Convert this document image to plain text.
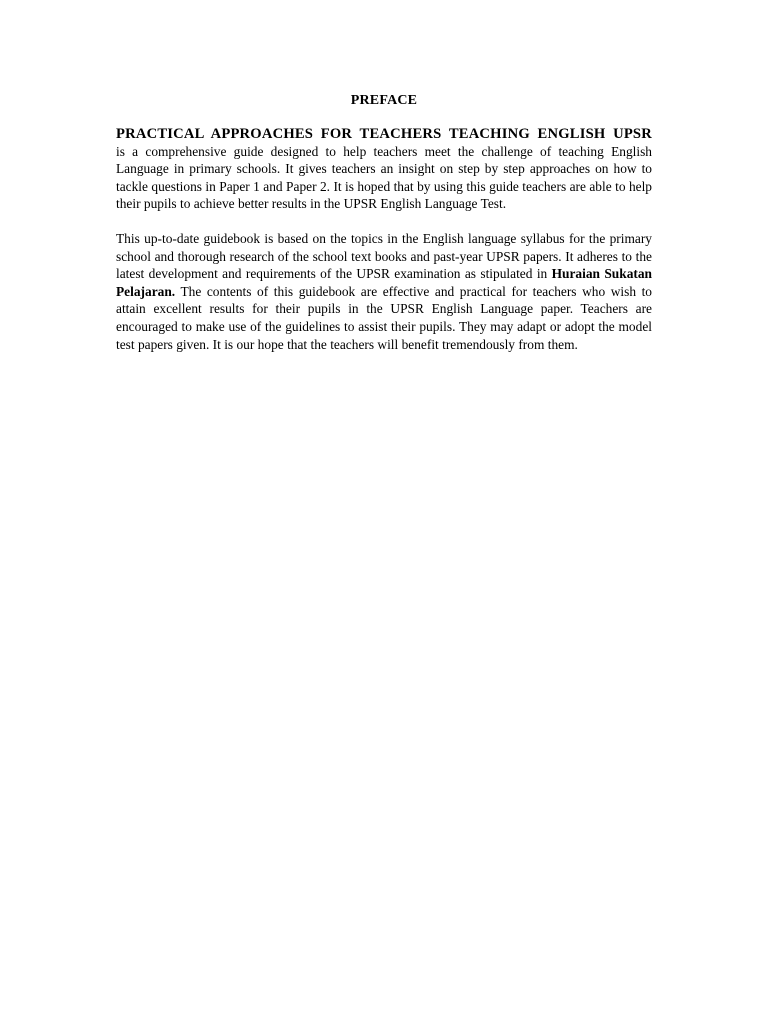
PREFACE

PRACTICAL APPROACHES FOR TEACHERS TEACHING ENGLISH UPSR

is a comprehensive guide designed to help teachers meet the challenge of teaching English Language in primary schools. It gives teachers an insight on step by step approaches on how to tackle questions in Paper 1 and Paper 2. It is hoped that by using this guide teachers are able to help their pupils to achieve better results in the UPSR English Language Test.

This up-to-date guidebook is based on the topics in the English language syllabus for the primary school and thorough research of the school text books and past-year UPSR papers. It adheres to the latest development and requirements of the UPSR examination as stipulated in Huraian Sukatan Pelajaran. The contents of this guidebook are effective and practical for teachers who wish to attain excellent results for their pupils in the UPSR English Language paper. Teachers are encouraged to make use of the guidelines to assist their pupils. They may adapt or adopt the model test papers given. It is our hope that the teachers will benefit tremendously from them.
